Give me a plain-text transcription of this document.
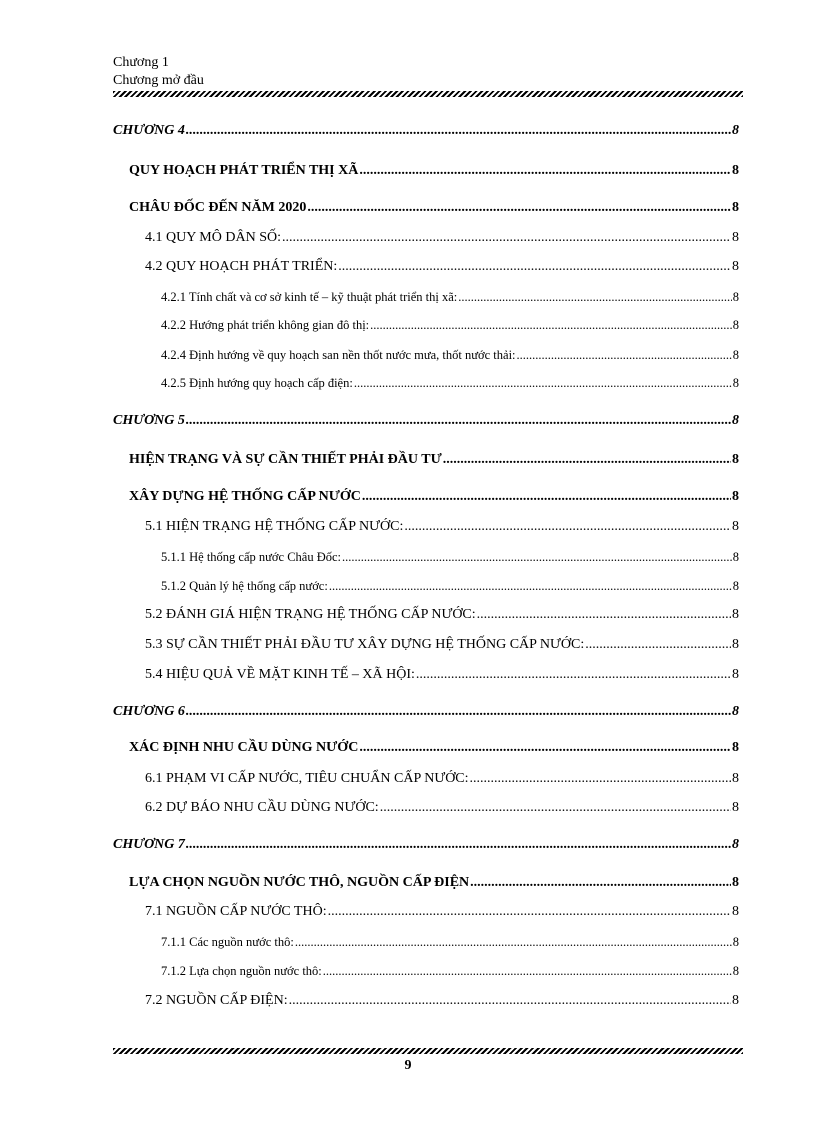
Chương 1
Chương mở đầu
CHƯƠNG 4 .....	8
QUY HOẠCH PHÁT TRIỂN THỊ XÃ .....	8
CHÂU ĐỐC ĐẾN NĂM 2020 .....	8
4.1 QUY MÔ DÂN SỐ: .....	8
4.2 QUY HOẠCH PHÁT TRIỂN: .....	8
4.2.1 Tính chất và cơ sở kinh tế – kỹ thuật phát triển thị xã: .....	8
4.2.2 Hướng phát triển không gian đô thị: .....	8
4.2.4 Định hướng về quy hoạch san nền thốt nước mưa, thốt nước thải: .....	8
4.2.5 Định hướng quy hoạch cấp điện: .....	8
CHƯƠNG 5 .....	8
HIỆN TRẠNG VÀ SỰ CẦN THIẾT PHẢI ĐẦU TƯ .....	8
XÂY DỰNG HỆ THỐNG CẤP NƯỚC .....	8
5.1 HIỆN TRẠNG HỆ THỐNG CẤP NƯỚC: .....	8
5.1.1 Hệ thống cấp nước Châu Đốc: .....	8
5.1.2 Quản lý hệ thống cấp nước: .....	8
5.2 ĐÁNH GIÁ HIỆN TRẠNG HỆ THỐNG CẤP NƯỚC: .....	8
5.3 SỰ CẦN THIẾT PHẢI ĐẦU TƯ XÂY DỰNG HỆ THỐNG CẤP NƯỚC: .....	8
5.4 HIỆU QUẢ VỀ MẶT KINH TẾ – XÃ HỘI: .....	8
CHƯƠNG 6 .....	8
XÁC ĐỊNH NHU CẦU DÙNG NƯỚC .....	8
6.1 PHẠM VI CẤP NƯỚC, TIÊU CHUẨN CẤP NƯỚC: .....	8
6.2 DỰ BÁO NHU CẦU DÙNG NƯỚC: .....	8
CHƯƠNG 7 .....	8
LỰA CHỌN NGUỒN NƯỚC THÔ, NGUỒN CẤP ĐIỆN .....	8
7.1 NGUỒN CẤP NƯỚC THÔ: .....	8
7.1.1 Các nguồn nước thô: .....	8
7.1.2 Lựa chọn nguồn nước thô: .....	8
7.2 NGUỒN CẤP ĐIỆN: .....	8
9
